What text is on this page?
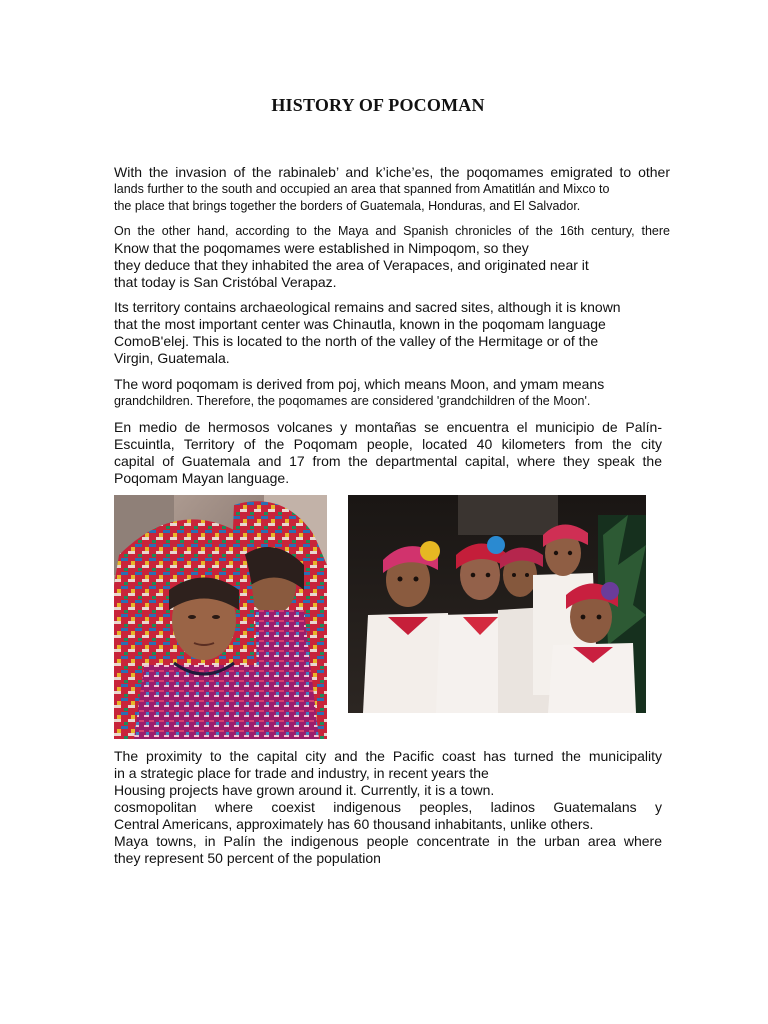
HISTORY OF POCOMAN
With the invasion of the rabinaleb’ and k’iche’es, the poqomames emigrated to other
lands further to the south and occupied an area that spanned from Amatitlán and Mixco to
the place that brings together the borders of Guatemala, Honduras, and El Salvador.
On the other hand, according to the Maya and Spanish chronicles of the 16th century, there
Know that the poqomames were established in Nimpoqom, so they
they deduce that they inhabited the area of Verapaces, and originated near it
that today is San Cristóbal Verapaz.
Its territory contains archaeological remains and sacred sites, although it is known
that the most important center was Chinautla, known in the poqomam language
ComoB'elej. This is located to the north of the valley of the Hermitage or of the
Virgin, Guatemala.
The word poqomam is derived from poj, which means Moon, and ymam means
grandchildren. Therefore, the poqomames are considered 'grandchildren of the Moon'.
En medio de hermosos volcanes y montañas se encuentra el municipio de Palín-
Escuintla, Territory of the Poqomam people, located 40 kilometers from the city
capital of Guatemala and 17 from the departmental capital, where they speak the
Poqomam Mayan language.
The proximity to the capital city and the Pacific coast has turned the municipality
in a strategic place for trade and industry, in recent years the
Housing projects have grown around it. Currently, it is a town.
cosmopolitan where coexist indigenous peoples, ladinos Guatemalans y
Central Americans, approximately has 60 thousand inhabitants, unlike others.
Maya towns, in Palín the indigenous people concentrate in the urban area where
they represent 50 percent of the population
